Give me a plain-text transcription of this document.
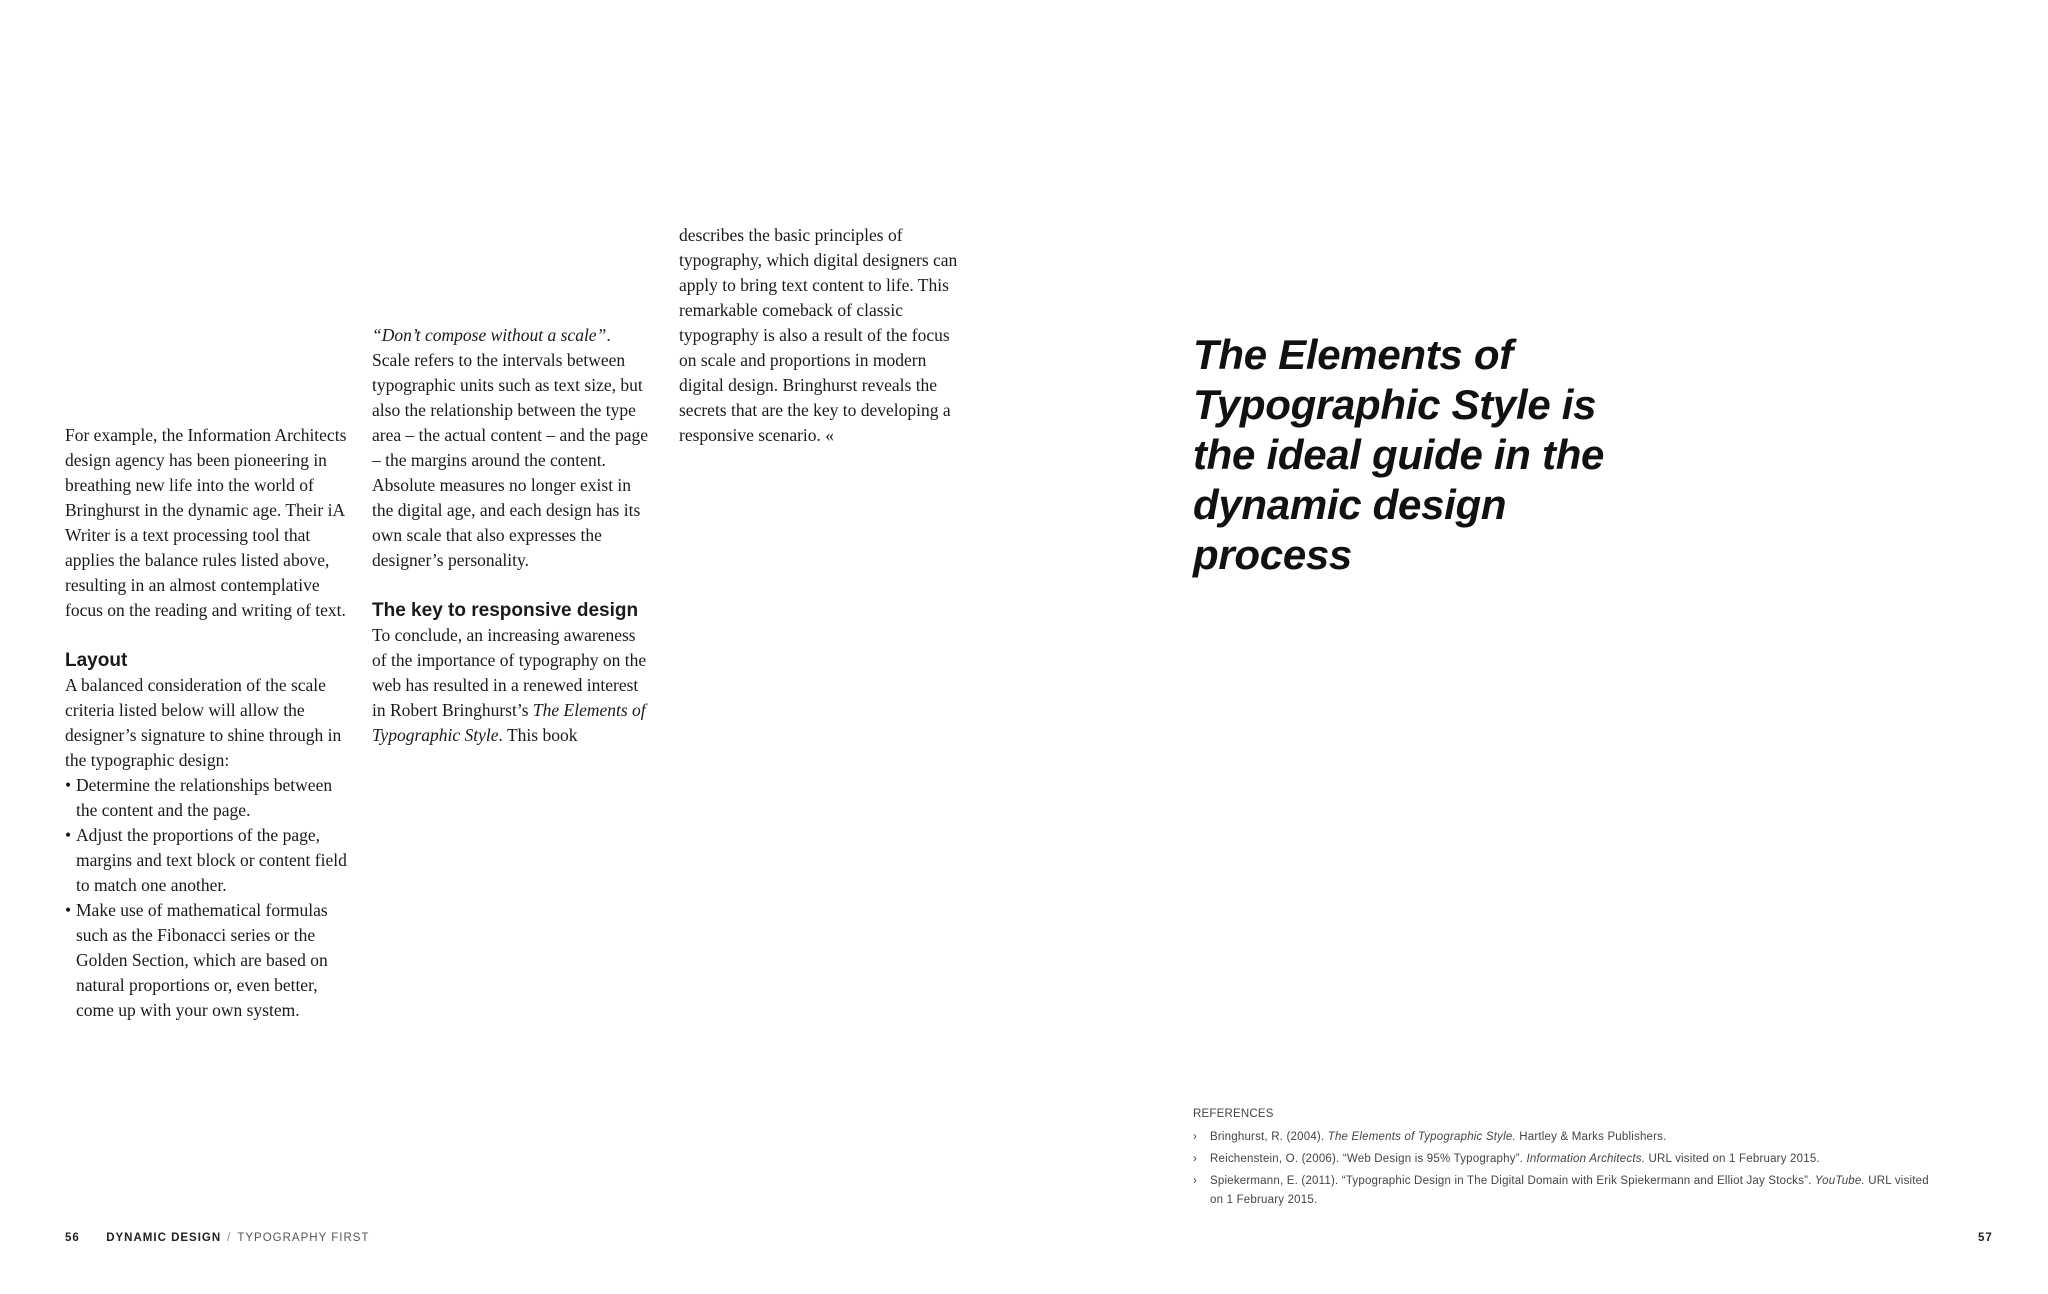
For example, the Information Architects design agency has been pioneering in breathing new life into the world of Bringhurst in the dynamic age. Their iA Writer is a text processing tool that applies the balance rules listed above, resulting in an almost contemplative focus on the reading and writing of text.

Layout

A balanced consideration of the scale criteria listed below will allow the designer’s signature to shine through in the typographic design:

• Determine the relationships between the content and the page.
• Adjust the proportions of the page, margins and text block or content field to match one another.
• Make use of mathematical formulas such as the Fibonacci series or the Golden Section, which are based on natural proportions or, even better, come up with your own system.

“Don’t compose without a scale”.

Scale refers to the intervals between typographic units such as text size, but also the relationship between the type area – the actual content – and the page – the margins around the content. Absolute measures no longer exist in the digital age, and each design has its own scale that also expresses the designer’s personality.

The key to responsive design

To conclude, an increasing awareness of the importance of typography on the web has resulted in a renewed interest in Robert Bringhurst’s The Elements of Typographic Style. This book

describes the basic principles of typography, which digital designers can apply to bring text content to life. This remarkable comeback of classic typography is also a result of the focus on scale and proportions in modern digital design. Bringhurst reveals the secrets that are the key to developing a responsive scenario. «

The Elements of Typographic Style is the ideal guide in the dynamic design process
REFERENCES
› Bringhurst, R. (2004). The Elements of Typographic Style. Hartley & Marks Publishers.
› Reichenstein, O. (2006). “Web Design is 95% Typography”. Information Architects. URL visited on 1 February 2015.
› Spiekermann, E. (2011). “Typographic Design in The Digital Domain with Erik Spiekermann and Elliot Jay Stocks”. YouTube. URL visited on 1 February 2015.
56 DYNAMIC DESIGN / TYPOGRAPHY FIRST	57
